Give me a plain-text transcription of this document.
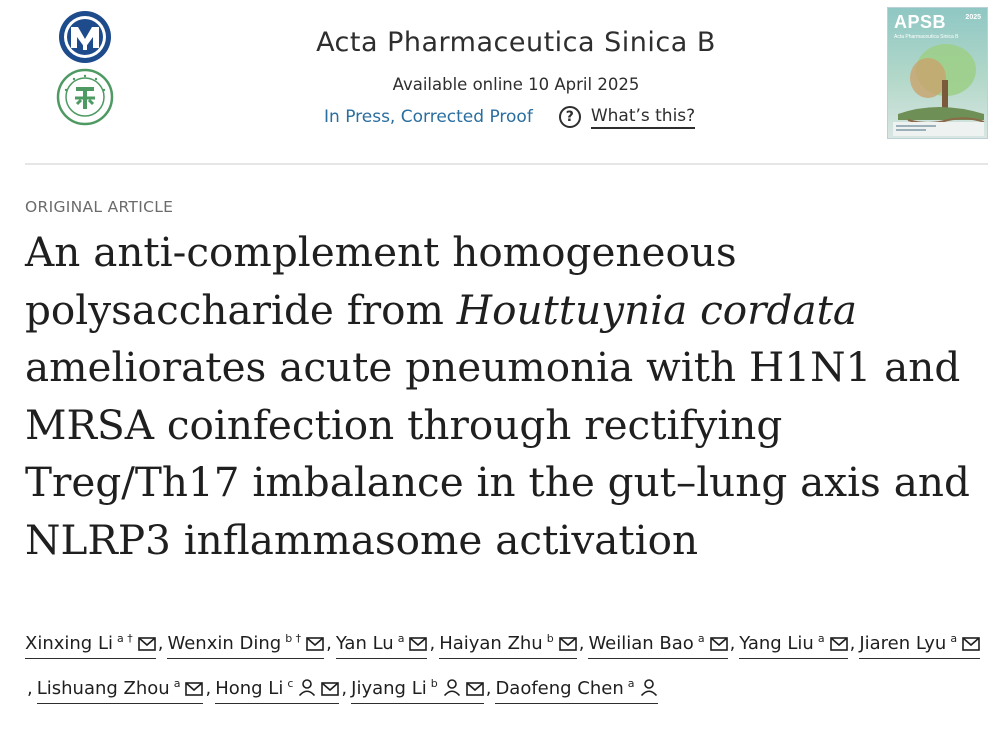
Acta Pharmaceutica Sinica B
Available online 10 April 2025
In Press, Corrected Proof	? What’s this?
APSB	2025
Acta Pharmaceutica Sinica B
ORIGINAL ARTICLE
An anti-complement homogeneous polysaccharide from Houttuynia cordata ameliorates acute pneumonia with H1N1 and MRSA coinfection through rectifying Treg/Th17 imbalance in the gut–lung axis and NLRP3 inflammasome activation
Xinxing Li $^{a \dagger}$ , Wenxin Ding $^{b \dagger}$ , Yan Lu $^a$ , Haiyan Zhu $^b$ , Weilian Bao $^a$ , Yang Liu $^a$ , Jiaren Lyu $^a$, Lishuang Zhou $^a$ , Hong Li $^c$	, Jiyang Li $^b$	, Daofeng Chen $^a$
